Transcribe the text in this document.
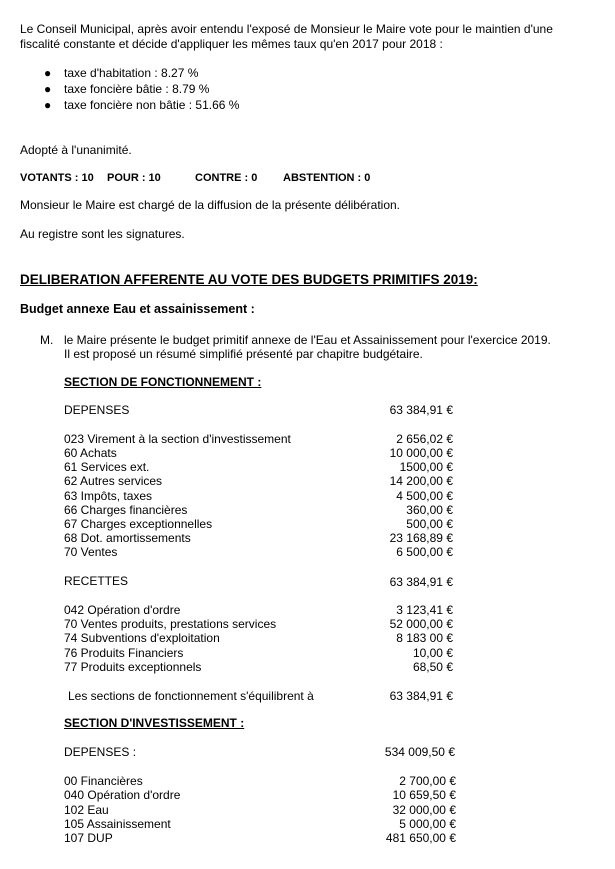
Le Conseil Municipal, après avoir entendu l'exposé de Monsieur le Maire vote pour le maintien d'une
fiscalité constante et décide d'appliquer les mêmes taux qu'en 2017 pour 2018 :
● taxe d'habitation : 8.27 %
● taxe foncière bâtie : 8.79 %
● taxe foncière non bâtie : 51.66 %
Adopté à l'unanimité.
VOTANTS : 10 POUR : 10	CONTRE : 0 ABSTENTION : 0
Monsieur le Maire est chargé de la diffusion de la présente délibération.
Au registre sont les signatures.
DELIBERATION AFFERENTE AU VOTE DES BUDGETS PRIMITIFS 2019:
Budget annexe Eau et assainissement :
M. le Maire présente le budget primitif annexe de l'Eau et Assainissement pour l'exercice 2019.
Il est proposé un résumé simplifié présenté par chapitre budgétaire.
SECTION DE FONCTIONNEMENT :
DEPENSES	63 384,91 €
023 Virement à la section d'investissement	2 656,02 €
60 Achats	10 000,00 €
61 Services ext.	1500,00 €
62 Autres services	14 200,00 €
63 Impôts, taxes	4 500,00 €
66 Charges financières	360,00 €
67 Charges exceptionnelles	500,00 €
68 Dot. amortissements	23 168,89 €
70 Ventes	6 500,00 €
RECETTES	63 384,91 €
042 Opération d'ordre	3 123,41 €
70 Ventes produits, prestations services	52 000,00 €
74 Subventions d'exploitation	8 183 00 €
76 Produits Financiers	10,00 €
77 Produits exceptionnels	68,50 €
Les sections de fonctionnement s'équilibrent à	63 384,91 €
SECTION D'INVESTISSEMENT :
DEPENSES :	534 009,50 €
00 Financières	2 700,00 €
040 Opération d'ordre	10 659,50 €
102 Eau	32 000,00 €
105 Assainissement	5 000,00 €
107 DUP	481 650,00 €
